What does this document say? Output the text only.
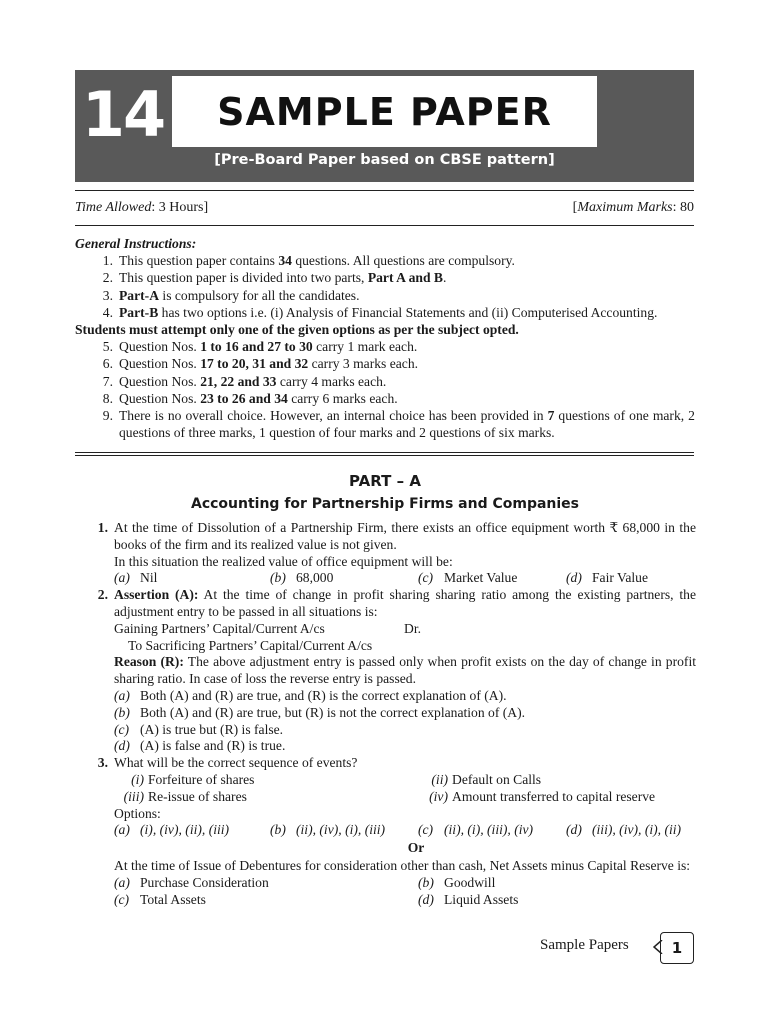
14 SAMPLE PAPER
[Pre-Board Paper based on CBSE pattern]
Time Allowed: 3 Hours]	[Maximum Marks: 80
General Instructions:
1. This question paper contains 34 questions. All questions are compulsory.
2. This question paper is divided into two parts, Part A and B.
3. Part-A is compulsory for all the candidates.
4. Part-B has two options i.e. (i) Analysis of Financial Statements and (ii) Computerised Accounting.
Students must attempt only one of the given options as per the subject opted.
5. Question Nos. 1 to 16 and 27 to 30 carry 1 mark each.
6. Question Nos. 17 to 20, 31 and 32 carry 3 marks each.
7. Question Nos. 21, 22 and 33 carry 4 marks each.
8. Question Nos. 23 to 26 and 34 carry 6 marks each.
9. There is no overall choice. However, an internal choice has been provided in 7 questions of one mark, 2 questions of three marks, 1 question of four marks and 2 questions of six marks.
PART – A
Accounting for Partnership Firms and Companies
1. At the time of Dissolution of a Partnership Firm, there exists an office equipment worth ₹ 68,000 in the books of the firm and its realized value is not given.
In this situation the realized value of office equipment will be:
(a) Nil	(b) 68,000	(c) Market Value	(d) Fair Value
2. Assertion (A): At the time of change in profit sharing sharing ratio among the existing partners, the adjustment entry to be passed in all situations is:
Gaining Partners’ Capital/Current A/cs	Dr.
To Sacrificing Partners’ Capital/Current A/cs
Reason (R): The above adjustment entry is passed only when profit exists on the day of change in profit sharing ratio. In case of loss the reverse entry is passed.
(a) Both (A) and (R) are true, and (R) is the correct explanation of (A).
(b) Both (A) and (R) are true, but (R) is not the correct explanation of (A).
(c) (A) is true but (R) is false.
(d) (A) is false and (R) is true.
3. What will be the correct sequence of events?
(i) Forfeiture of shares	(ii) Default on Calls
(iii) Re-issue of shares	(iv) Amount transferred to capital reserve
Options:
(a) (i), (iv), (ii), (iii)	(b) (ii), (iv), (i), (iii) (c) (ii), (i), (iii), (iv) (d) (iii), (iv), (i), (ii)
Or
At the time of Issue of Debentures for consideration other than cash, Net Assets minus Capital Reserve is:
(a) Purchase Consideration	(b) Goodwill
(c) Total Assets	(d) Liquid Assets
Sample Papers	1
